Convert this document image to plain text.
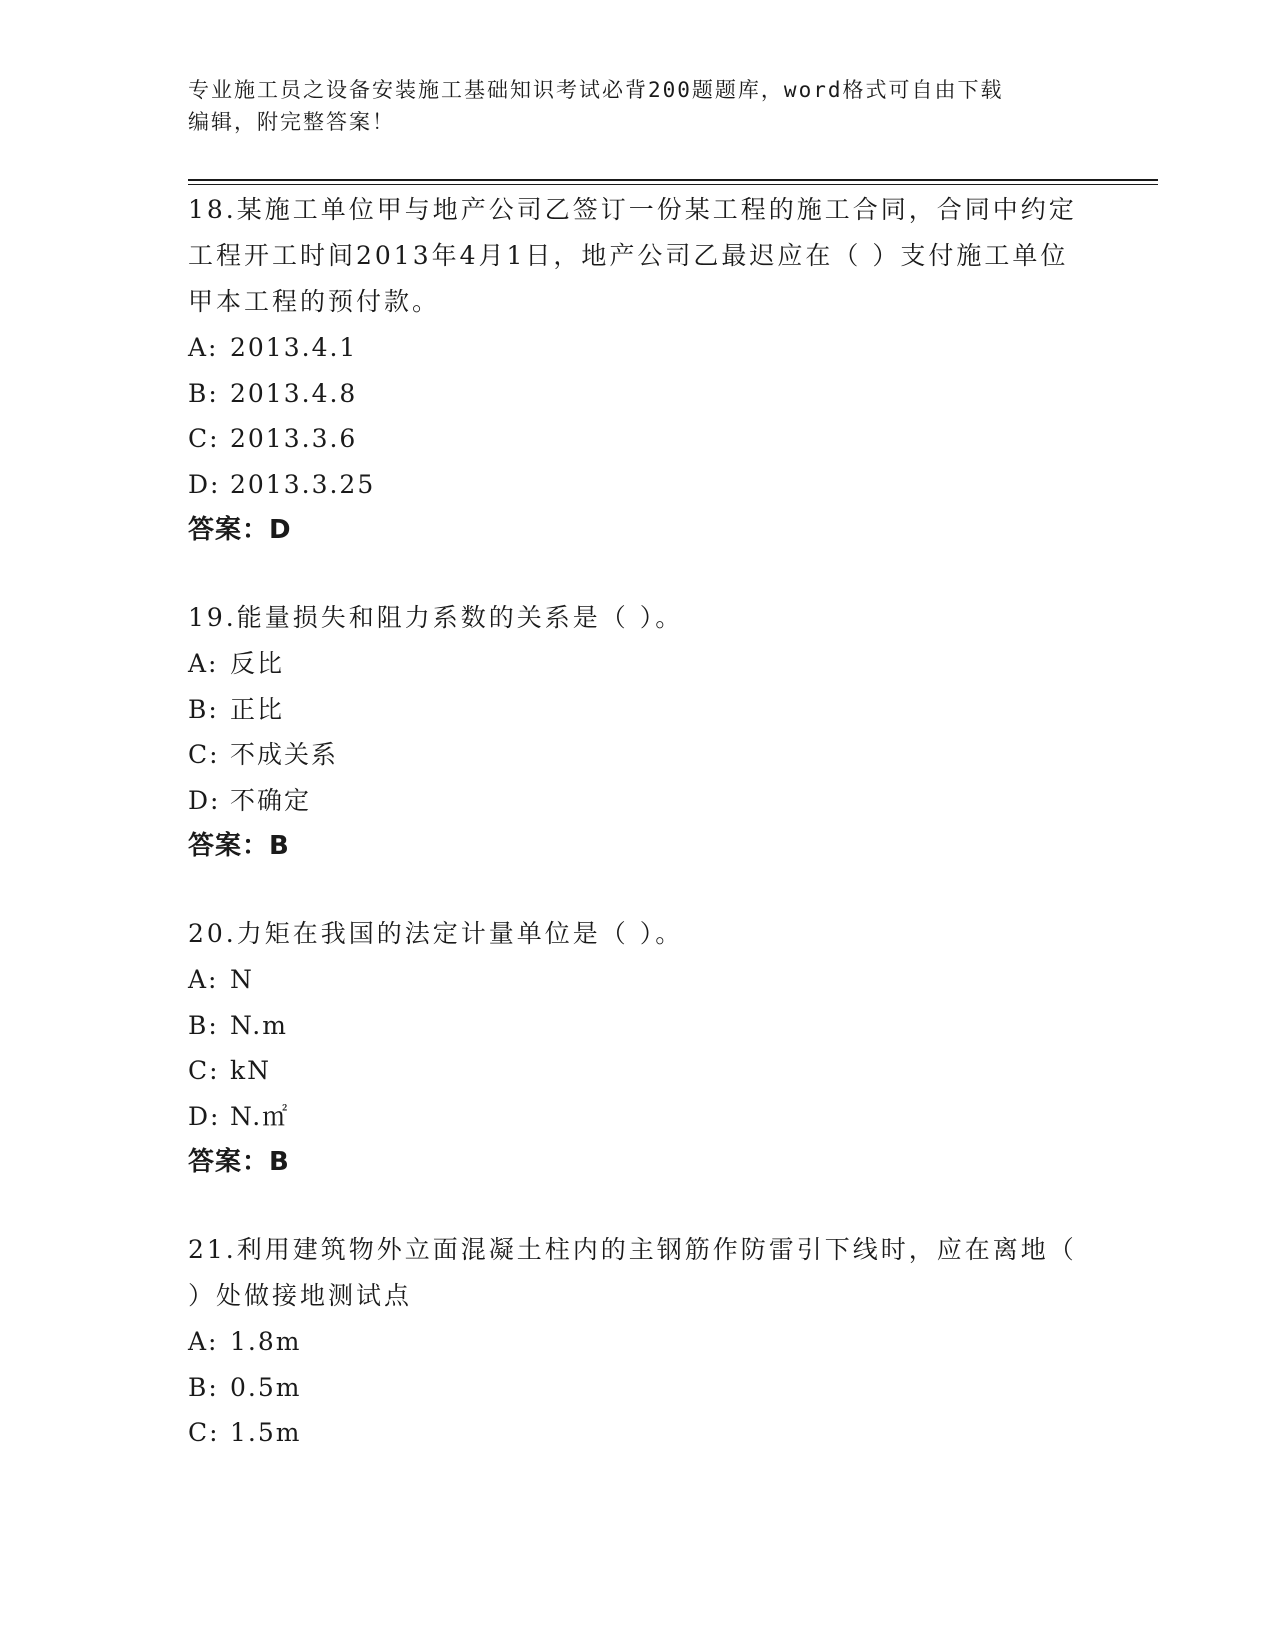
专业施工员之设备安装施工基础知识考试必背200题题库，word格式可自由下载
编辑，附完整答案！
18.某施工单位甲与地产公司乙签订一份某工程的施工合同，合同中约定工程开工时间2013年4月1日，地产公司乙最迟应在（ ）支付施工单位甲本工程的预付款。
A: 2013.4.1
B: 2013.4.8
C: 2013.3.6
D: 2013.3.25
答案：D
19.能量损失和阻力系数的关系是（ ）。
A: 反比
B: 正比
C: 不成关系
D: 不确定
答案：B
20.力矩在我国的法定计量单位是（ ）。
A: N
B: N.m
C: kN
D: N.㎡
答案：B
21.利用建筑物外立面混凝土柱内的主钢筋作防雷引下线时，应在离地（ ）处做接地测试点
A: 1.8m
B: 0.5m
C: 1.5m
